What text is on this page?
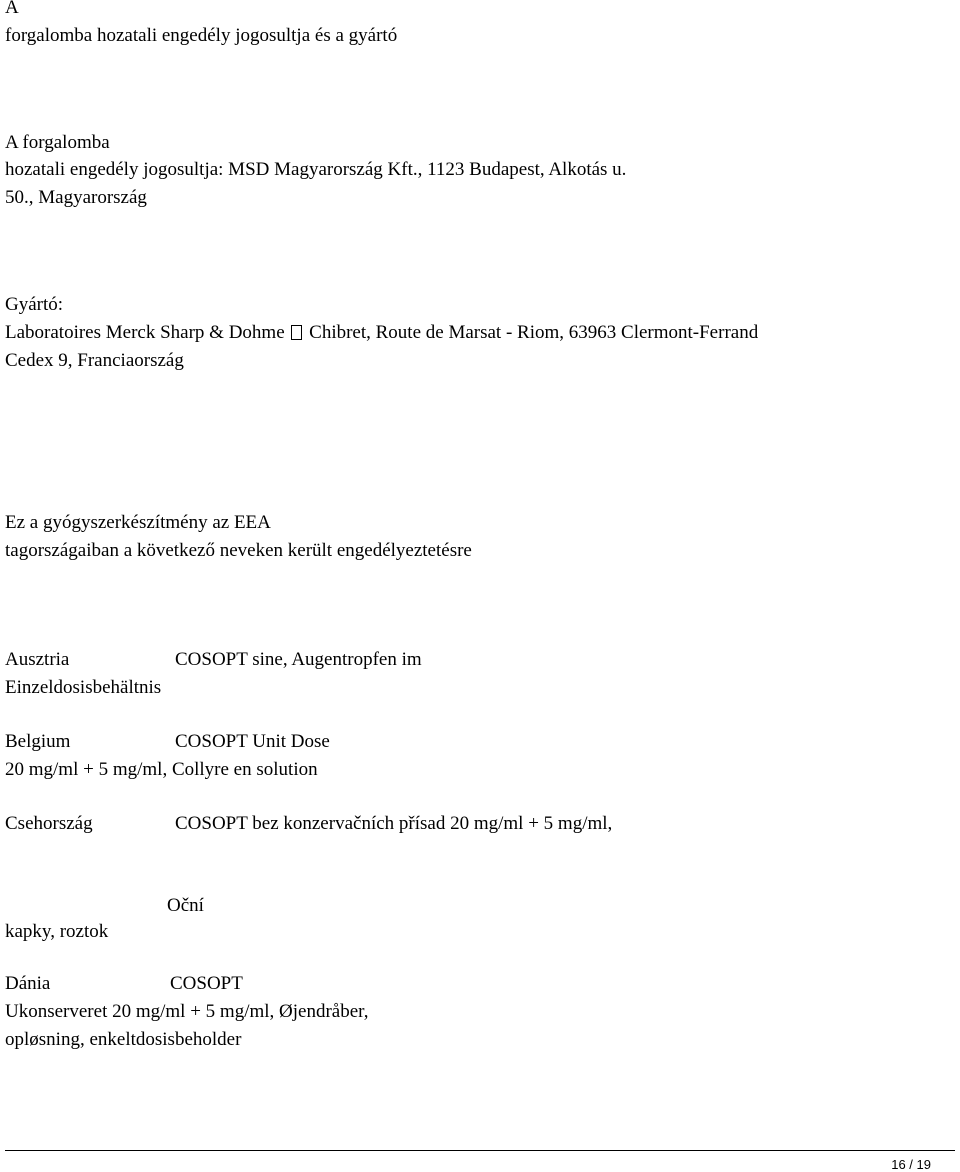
A
forgalomba hozatali engedély jogosultja és a gyártó
A forgalomba
hozatali engedély jogosultja: MSD Magyarország Kft., 1123 Budapest, Alkotás u.
50., Magyarország
Gyártó:
Laboratoires Merck Sharp & Dohme Chibret, Route de Marsat - Riom, 63963 Clermont-Ferrand
Cedex 9, Franciaország
Ez a gyógyszerkészítmény az EEA
tagországaiban a következő neveken került engedélyeztetésre
Ausztria	COSOPT sine, Augentropfen im
Einzeldosisbehältnis
Belgium	COSOPT Unit Dose
20 mg/ml + 5 mg/ml, Collyre en solution
Csehország	COSOPT bez konzervačních přísad 20 mg/ml + 5 mg/ml,
Oční
kapky, roztok
Dánia	COSOPT
Ukonserveret 20 mg/ml + 5 mg/ml, Øjendråber,
opløsning, enkeltdosisbeholder
16 / 19
